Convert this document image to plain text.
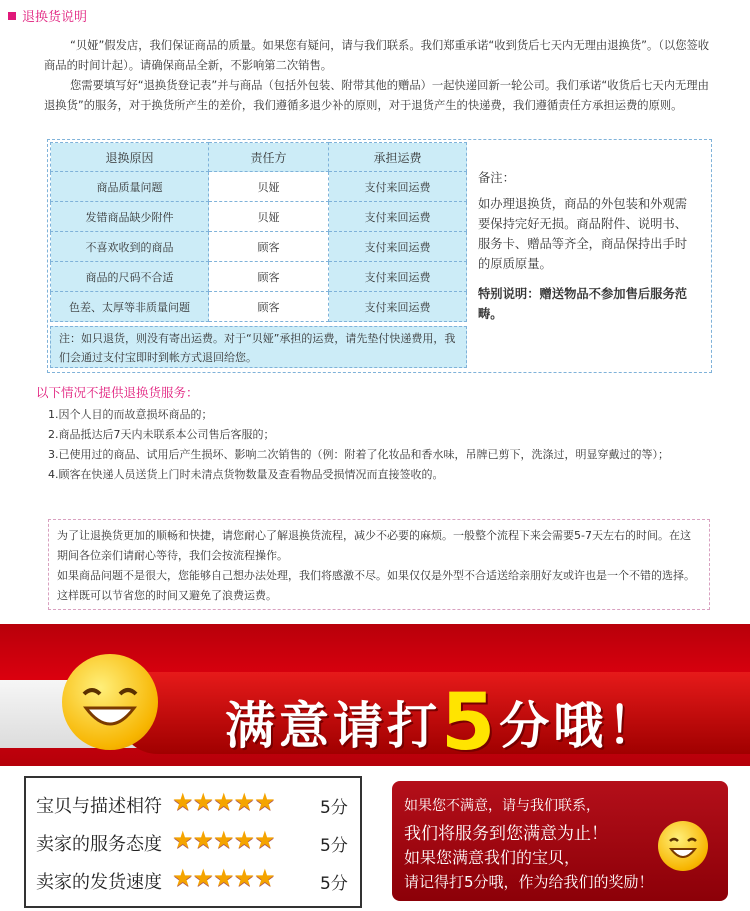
退换货说明

“贝娅”假发店，我们保证商品的质量。如果您有疑问，请与我们联系。我们郑重承诺“收到货后七天内无理由退换货”。（以您签收商品的时间计起）。请确保商品全新，不影响第二次销售。

您需要填写好“退换货登记表”并与商品（包括外包装、附带其他的赠品）一起快递回新一轮公司。我们承诺“收货后七天内无理由退换货”的服务，对于换货所产生的差价，我们遵循多退少补的原则，对于退货产生的快递费，我们遵循责任方承担运费的原则。

退换原因	责任方	承担运费
商品质量问题	贝娅	支付来回运费
发错商品缺少附件	贝娅	支付来回运费
不喜欢收到的商品	顾客	支付来回运费
商品的尺码不合适	顾客	支付来回运费
色差、太厚等非质量问题	顾客	支付来回运费
注：如只退货，则没有寄出运费。对于“贝娅”承担的运费，请先垫付快递费用，我们会通过支付宝即时到帐方式退回给您。
备注：
如办理退换货，商品的外包装和外观需要保持完好无损。商品附件、说明书、服务卡、赠品等齐全，商品保持出手时的原质原量。
特别说明：赠送物品不参加售后服务范畴。
以下情况不提供退换货服务：
1.因个人目的而故意损坏商品的；
2.商品抵达后7天内未联系本公司售后客服的；
3.已使用过的商品、试用后产生损坏、影响二次销售的（例：附着了化妆品和香水味，吊牌已剪下，洗涤过，明显穿戴过的等）；
4.顾客在快递人员送货上门时未清点货物数量及查看物品受损情况而直接签收的。
为了让退换货更加的顺畅和快捷，请您耐心了解退换货流程，减少不必要的麻烦。一般整个流程下来会需要5-7天左右的时间。在这期间各位亲们请耐心等待，我们会按流程操作。
如果商品问题不是很大，您能够自己想办法处理，我们将感激不尽。如果仅仅是外型不合适送给亲朋好友或许也是一个不错的选择。这样既可以节省您的时间又避免了浪费运费。
满意请打5分哦！
宝贝与描述相符 ★★★★★	5分
卖家的服务态度 ★★★★★	5分
卖家的发货速度 ★★★★★	5分
如果您不满意，请与我们联系，
我们将服务到您满意为止！
如果您满意我们的宝贝，
请记得打5分哦，作为给我们的奖励！
